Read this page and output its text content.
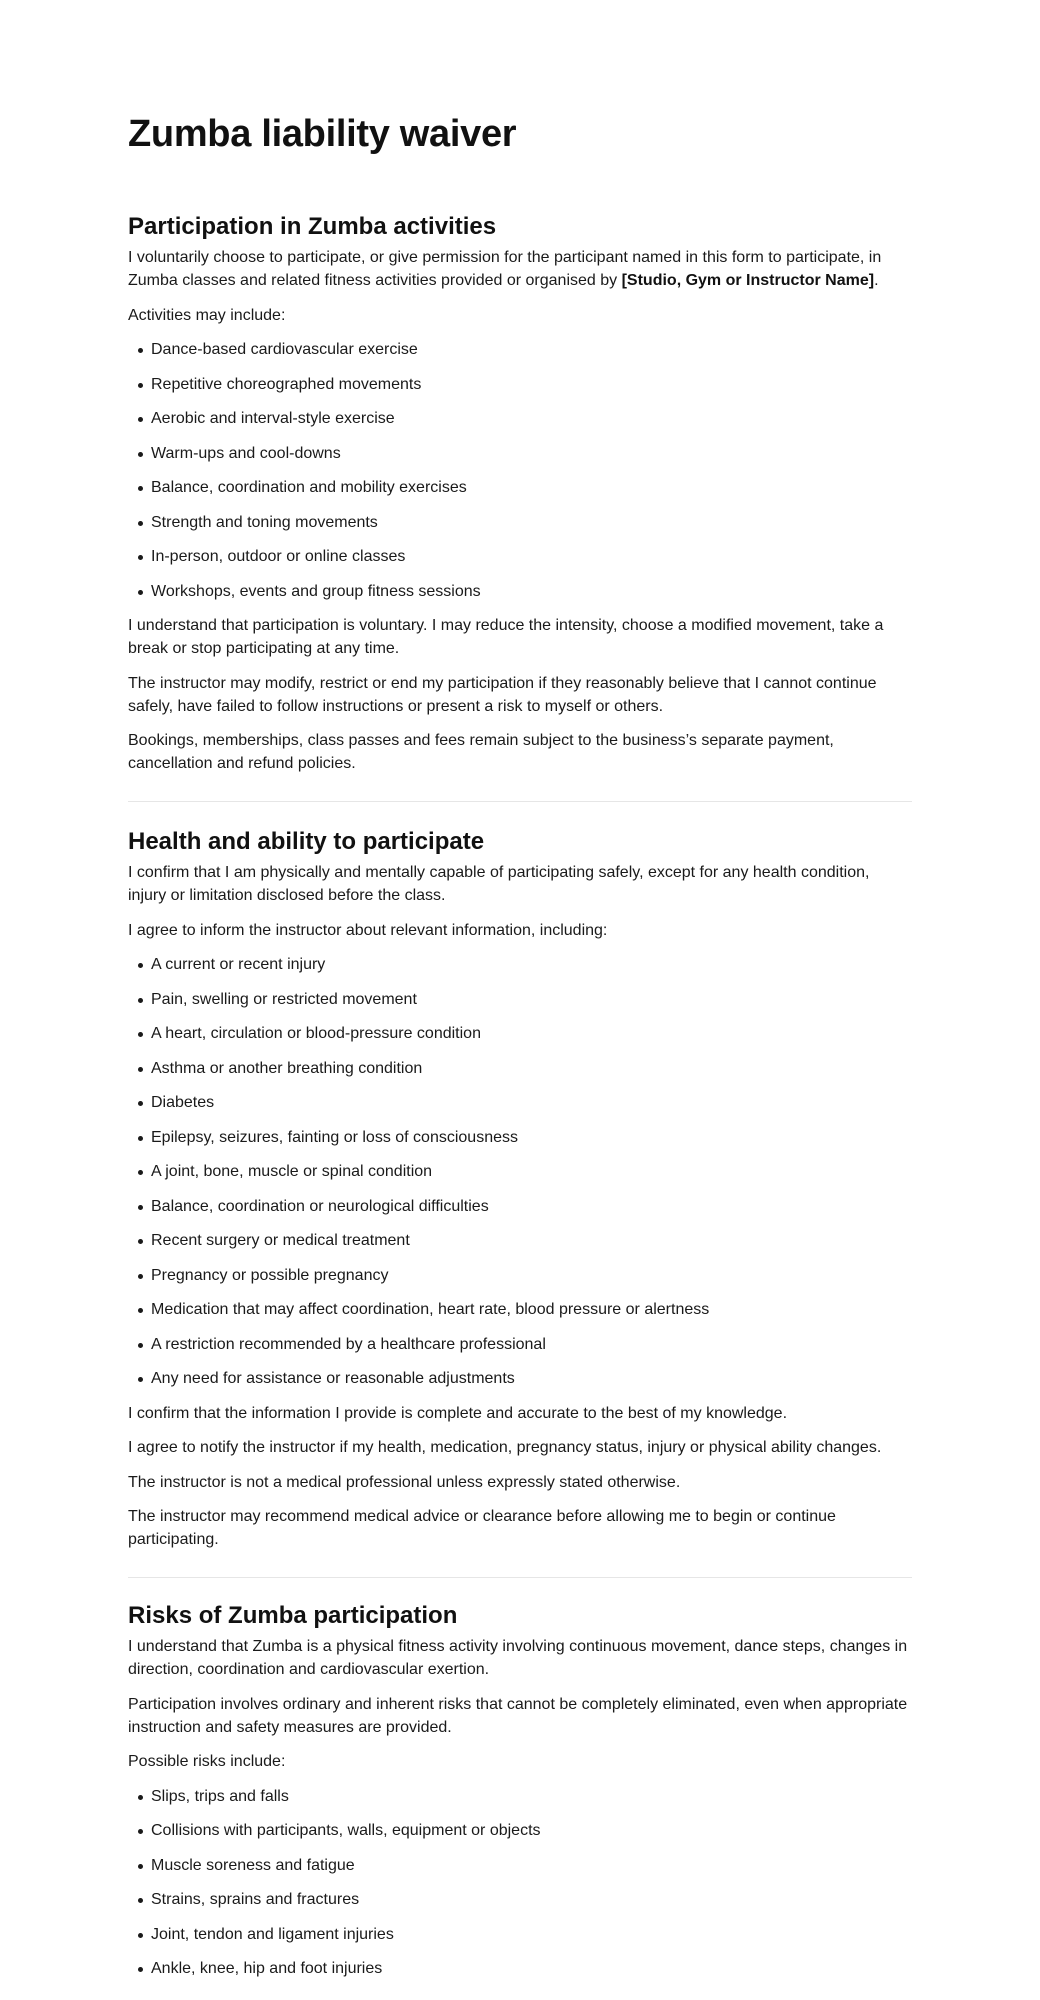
Zumba liability waiver
Participation in Zumba activities

I voluntarily choose to participate, or give permission for the participant named in this form to participate, in Zumba classes and related fitness activities provided or organised by [Studio, Gym or Instructor Name].

Activities may include:

Dance-based cardiovascular exercise
Repetitive choreographed movements
Aerobic and interval-style exercise
Warm-ups and cool-downs
Balance, coordination and mobility exercises
Strength and toning movements
In-person, outdoor or online classes
Workshops, events and group fitness sessions

I understand that participation is voluntary. I may reduce the intensity, choose a modified movement, take a break or stop participating at any time.

The instructor may modify, restrict or end my participation if they reasonably believe that I cannot continue safely, have failed to follow instructions or present a risk to myself or others.

Bookings, memberships, class passes and fees remain subject to the business’s separate payment, cancellation and refund policies.

Health and ability to participate

I confirm that I am physically and mentally capable of participating safely, except for any health condition, injury or limitation disclosed before the class.

I agree to inform the instructor about relevant information, including:

A current or recent injury
Pain, swelling or restricted movement
A heart, circulation or blood-pressure condition
Asthma or another breathing condition
Diabetes
Epilepsy, seizures, fainting or loss of consciousness
A joint, bone, muscle or spinal condition
Balance, coordination or neurological difficulties
Recent surgery or medical treatment
Pregnancy or possible pregnancy
Medication that may affect coordination, heart rate, blood pressure or alertness
A restriction recommended by a healthcare professional
Any need for assistance or reasonable adjustments

I confirm that the information I provide is complete and accurate to the best of my knowledge.

I agree to notify the instructor if my health, medication, pregnancy status, injury or physical ability changes.

The instructor is not a medical professional unless expressly stated otherwise.

The instructor may recommend medical advice or clearance before allowing me to begin or continue participating.

Risks of Zumba participation

I understand that Zumba is a physical fitness activity involving continuous movement, dance steps, changes in direction, coordination and cardiovascular exertion.

Participation involves ordinary and inherent risks that cannot be completely eliminated, even when appropriate instruction and safety measures are provided.

Possible risks include:

Slips, trips and falls
Collisions with participants, walls, equipment or objects
Muscle soreness and fatigue
Strains, sprains and fractures
Joint, tendon and ligament injuries
Ankle, knee, hip and foot injuries
